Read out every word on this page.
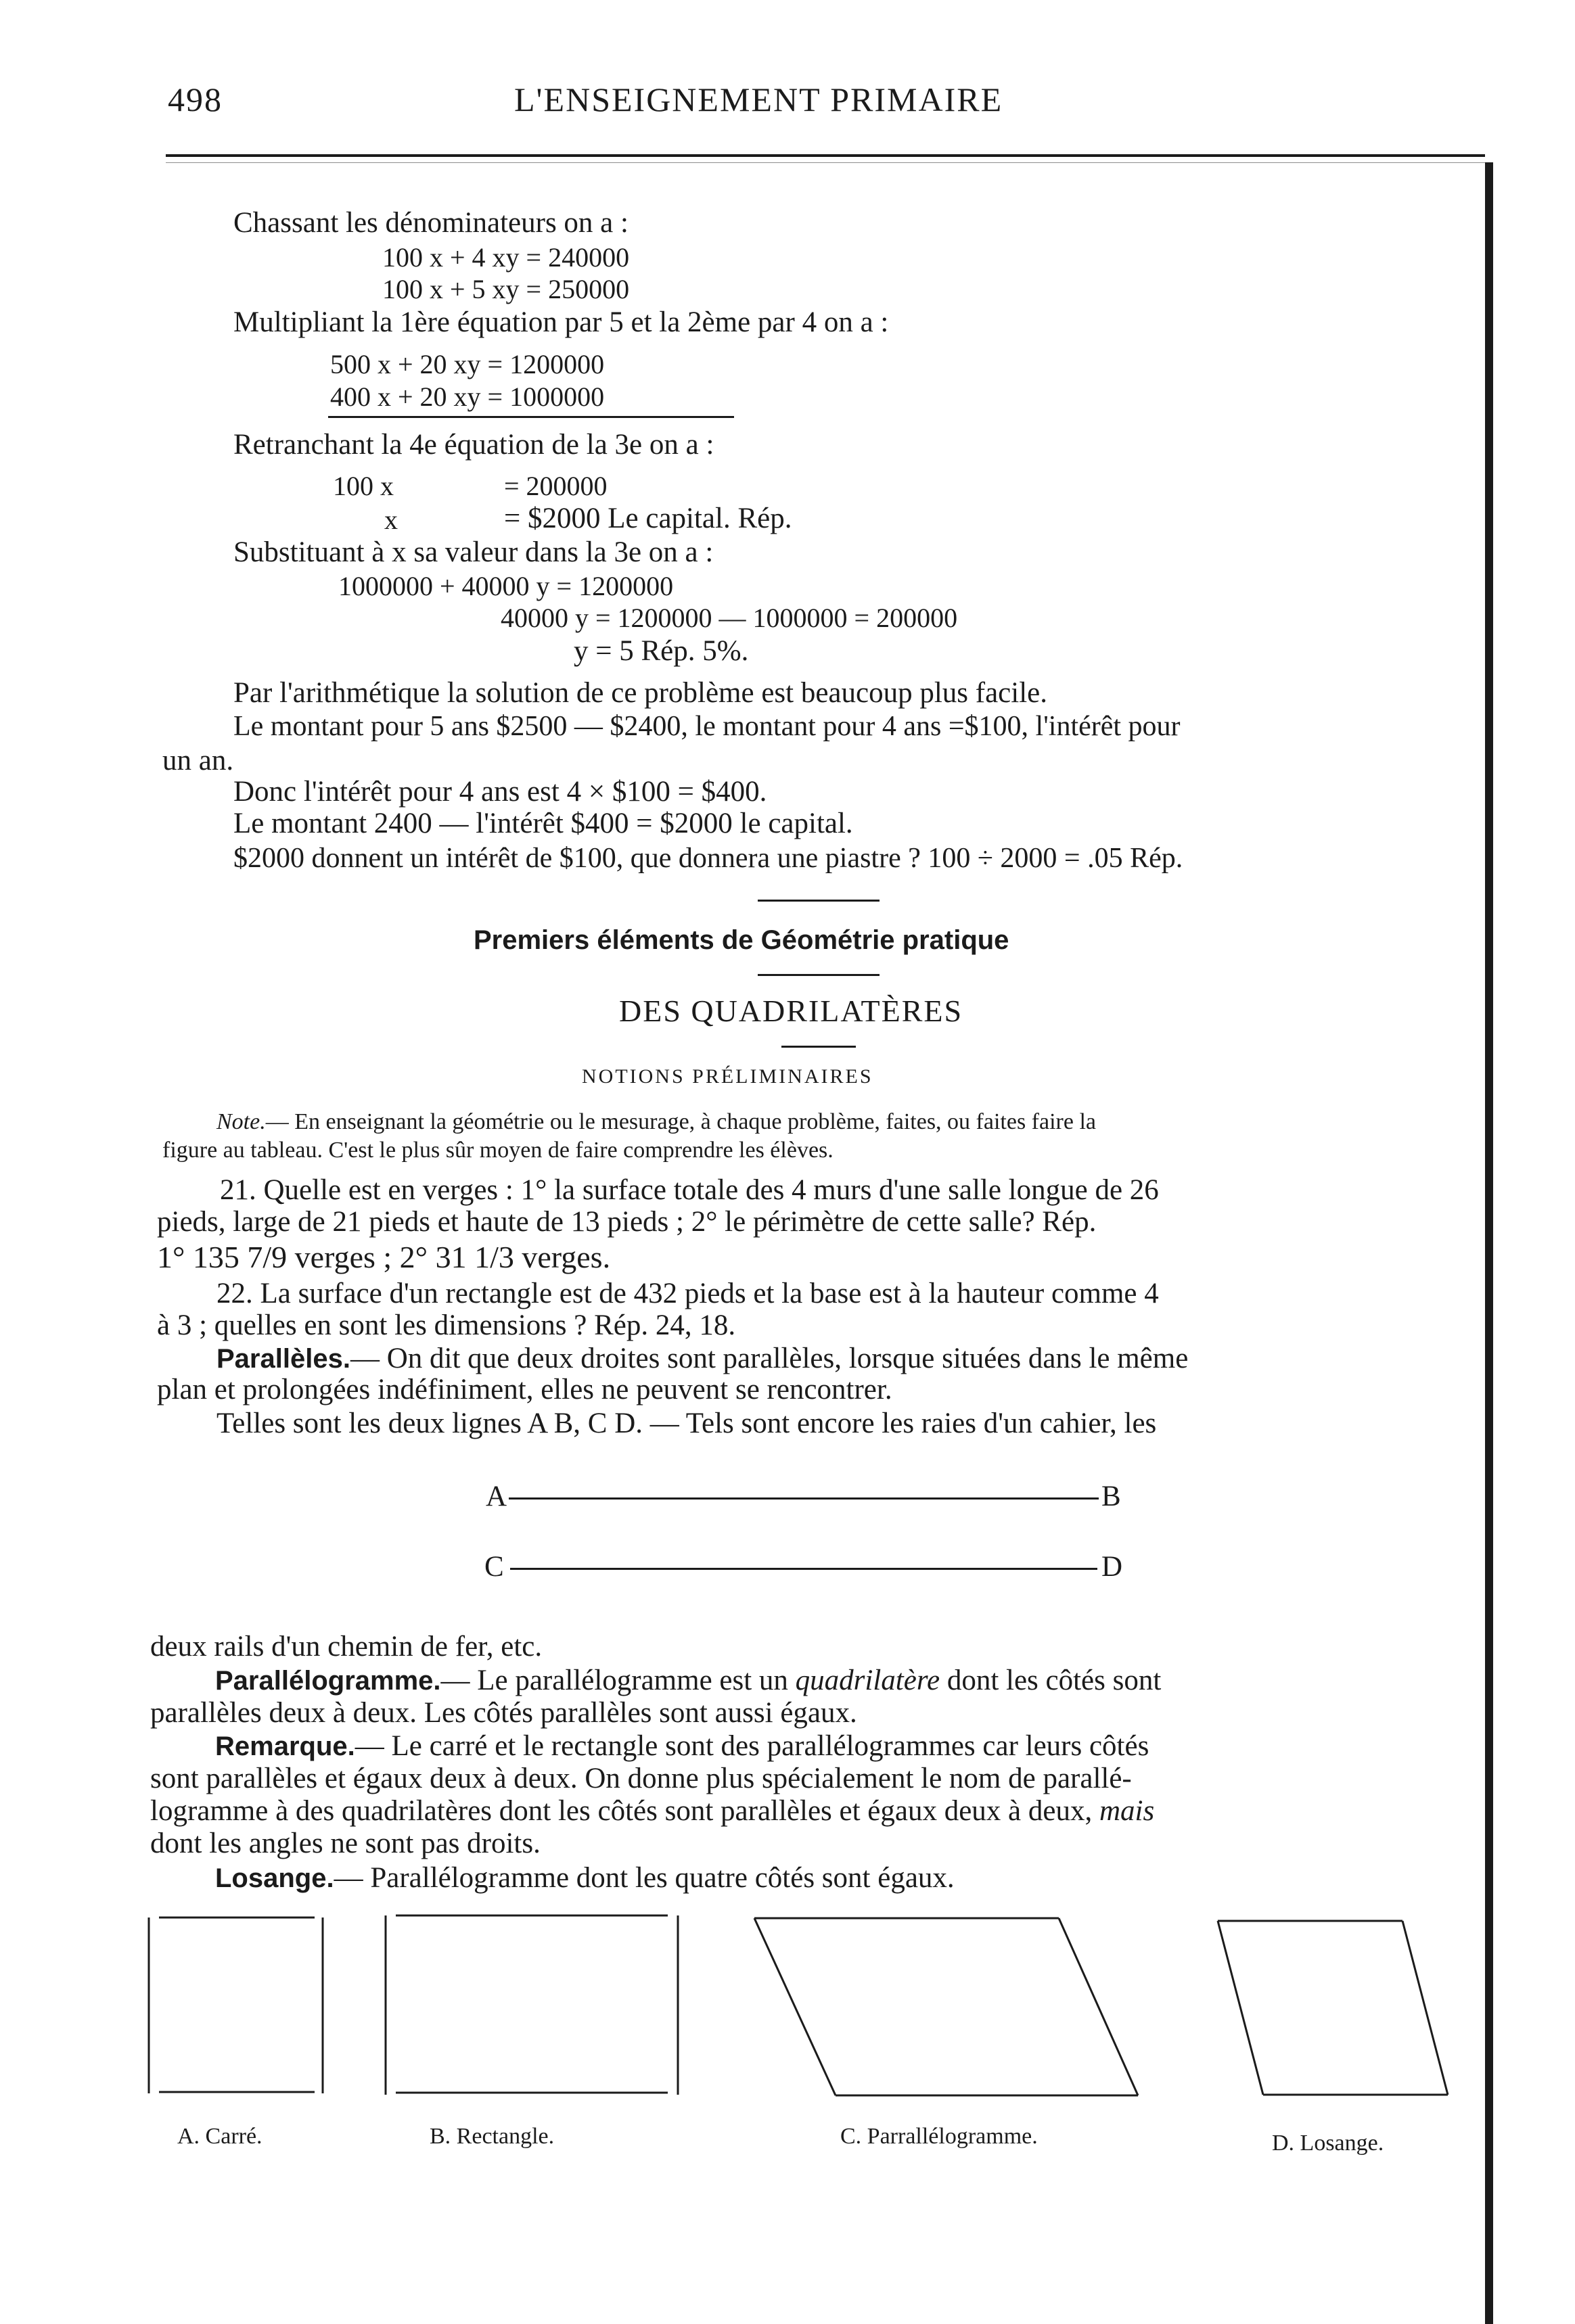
498	L'ENSEIGNEMENT PRIMAIRE
Chassant les dénominateurs on a :
100 x + 4 xy = 240000
100 x + 5 xy = 250000
Multipliant la 1ère équation par 5 et la 2ème par 4 on a :
500 x + 20 xy = 1200000
400 x + 20 xy = 1000000
Retranchant la 4e équation de la 3e on a :
100 x	= 200000
x	= $2000 Le capital. Rép.
Substituant à x sa valeur dans la 3e on a :
1000000 + 40000 y = 1200000
40000 y = 1200000 — 1000000 = 200000
y = 5 Rép. 5%.
Par l'arithmétique la solution de ce problème est beaucoup plus facile.
Le montant pour 5 ans $2500 — $2400, le montant pour 4 ans =$100, l'intérêt pour
un an.
Donc l'intérêt pour 4 ans est 4 × $100 = $400.
Le montant 2400 — l'intérêt $400 = $2000 le capital.
$2000 donnent un intérêt de $100, que donnera une piastre ? 100 ÷ 2000 = .05 Rép.
Premiers éléments de Géométrie pratique
DES QUADRILATÈRES
NOTIONS PRÉLIMINAIRES
Note.— En enseignant la géométrie ou le mesurage, à chaque problème, faites, ou faites faire la
figure au tableau. C'est le plus sûr moyen de faire comprendre les élèves.
21. Quelle est en verges : 1° la surface totale des 4 murs d'une salle longue de 26
pieds, large de 21 pieds et haute de 13 pieds ; 2° le périmètre de cette salle? Rép.
1° 135 7/9 verges ; 2° 31 1/3 verges.
22. La surface d'un rectangle est de 432 pieds et la base est à la hauteur comme 4
à 3 ; quelles en sont les dimensions ? Rép. 24, 18.
Parallèles.— On dit que deux droites sont parallèles, lorsque situées dans le même
plan et prolongées indéfiniment, elles ne peuvent se rencontrer.
Telles sont les deux lignes A B, C D. — Tels sont encore les raies d'un cahier, les
A	B
C	D
deux rails d'un chemin de fer, etc.
Parallélogramme.— Le parallélogramme est un quadrilatère dont les côtés sont
parallèles deux à deux. Les côtés parallèles sont aussi égaux.
Remarque.— Le carré et le rectangle sont des parallélogrammes car leurs côtés
sont parallèles et égaux deux à deux. On donne plus spécialement le nom de parallé-
logramme à des quadrilatères dont les côtés sont parallèles et égaux deux à deux, mais
dont les angles ne sont pas droits.
Losange.— Parallélogramme dont les quatre côtés sont égaux.
A. Carré.	B. Rectangle.	C. Parrallélogramme.	D. Losange.
